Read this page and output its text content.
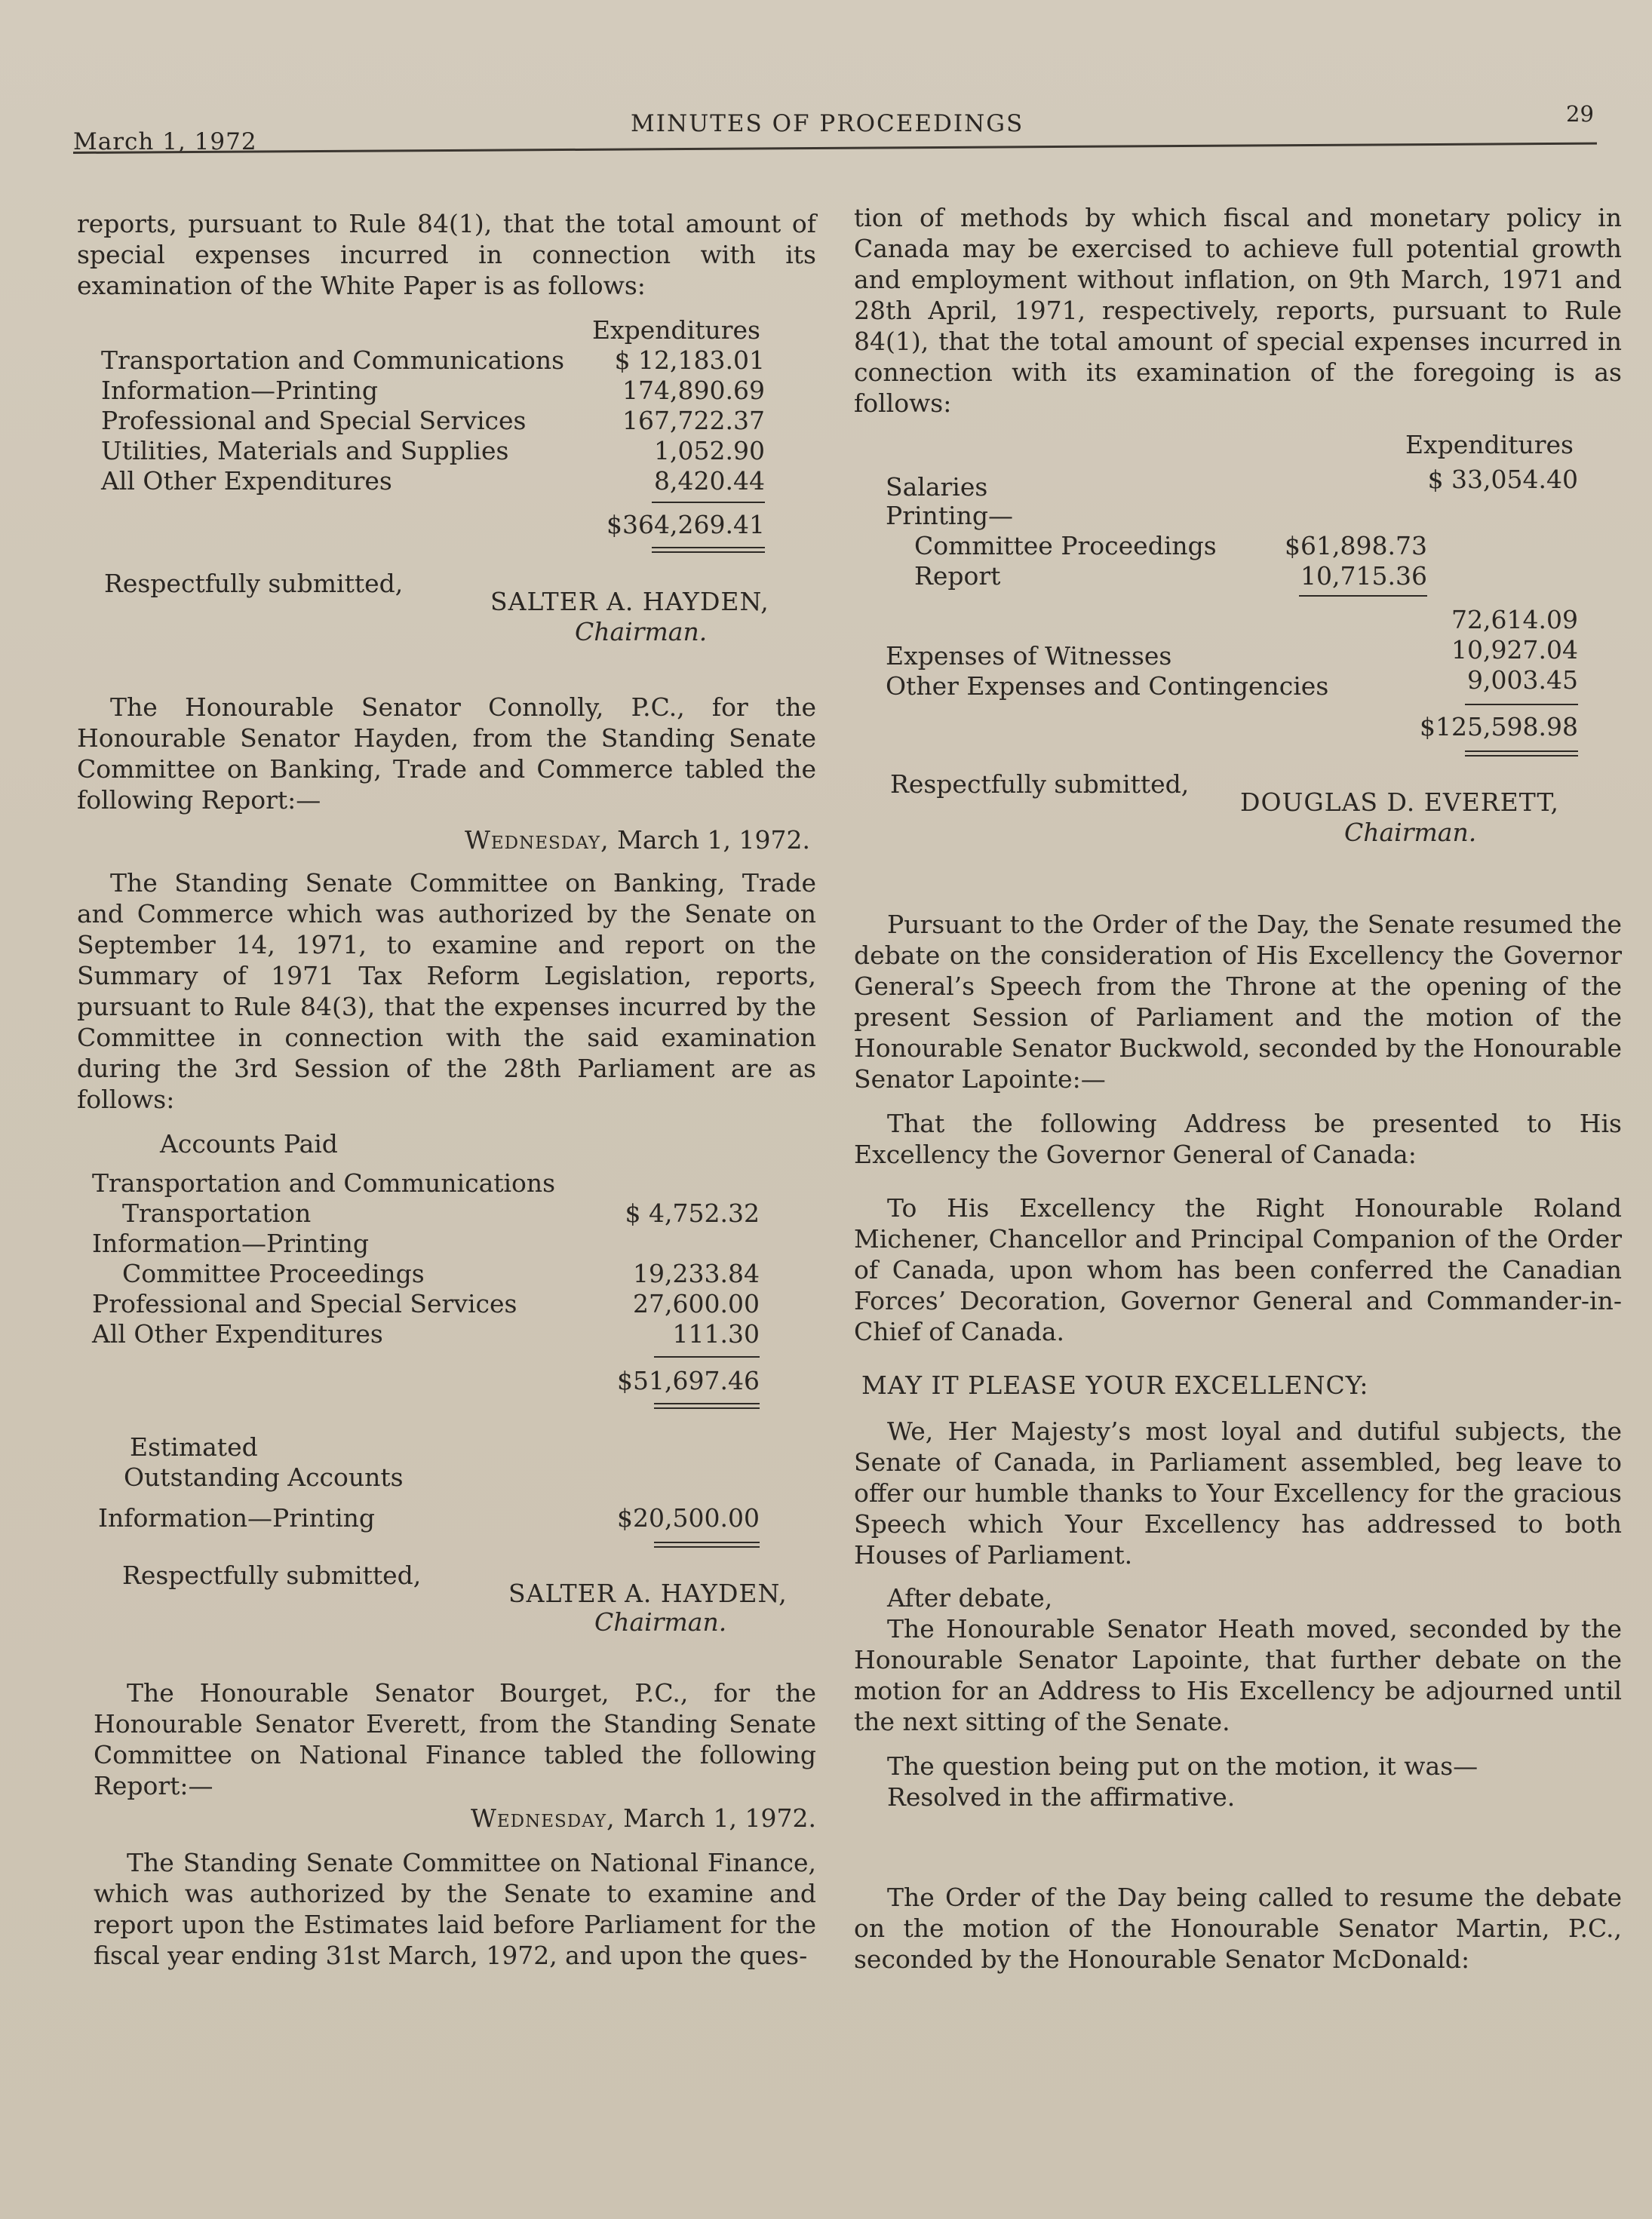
March 1, 1972
MINUTES OF PROCEEDINGS	29

reports, pursuant to Rule 84(1), that the total amount of special expenses incurred in connection with its examination of the White Paper is as follows:

Expenditures
Transportation and Communications $ 12,183.01
Information—Printing	174,890.69
Professional and Special Services	167,722.37
Utilities, Materials and Supplies	1,052.90
All Other Expenditures	8,420.44
$364,269.41
Respectfully submitted,
SALTER A. HAYDEN,
Chairman.

The Honourable Senator Connolly, P.C., for the Honourable Senator Hayden, from the Standing Senate Committee on Banking, Trade and Commerce tabled the following Report:—

Wednesday, March 1, 1972.

The Standing Senate Committee on Banking, Trade and Commerce which was authorized by the Senate on September 14, 1971, to examine and report on the Summary of 1971 Tax Reform Legislation, reports, pursuant to Rule 84(3), that the expenses incurred by the Committee in connection with the said examination during the 3rd Session of the 28th Parliament are as follows:

Accounts Paid
Transportation and Communications
Transportation	$ 4,752.32
Information—Printing
Committee Proceedings	19,233.84
Professional and Special Services	27,600.00
All Other Expenditures	111.30
$51,697.46
Estimated
Outstanding Accounts
Information—Printing	$20,500.00
Respectfully submitted,
SALTER A. HAYDEN,
Chairman.

The Honourable Senator Bourget, P.C., for the Honourable Senator Everett, from the Standing Senate Committee on National Finance tabled the following Report:—

Wednesday, March 1, 1972.

The Standing Senate Committee on National Finance, which was authorized by the Senate to examine and report upon the Estimates laid before Parliament for the fiscal year ending 31st March, 1972, and upon the ques-

tion of methods by which fiscal and monetary policy in Canada may be exercised to achieve full potential growth and employment without inflation, on 9th March, 1971 and 28th April, 1971, respectively, reports, pursuant to Rule 84(1), that the total amount of special expenses incurred in connection with its examination of the foregoing is as follows:

Expenditures
Salaries	$ 33,054.40
Printing—
Committee Proceedings	$61,898.73
Report	10,715.36
72,614.09
Expenses of Witnesses	10,927.04
Other Expenses and Contingencies	9,003.45
$125,598.98
Respectfully submitted,
DOUGLAS D. EVERETT,
Chairman.

Pursuant to the Order of the Day, the Senate resumed the debate on the consideration of His Excellency the Governor General’s Speech from the Throne at the opening of the present Session of Parliament and the motion of the Honourable Senator Buckwold, seconded by the Honourable Senator Lapointe:—

That the following Address be presented to His Excellency the Governor General of Canada:

To His Excellency the Right Honourable Roland Michener, Chancellor and Principal Companion of the Order of Canada, upon whom has been conferred the Canadian Forces’ Decoration, Governor General and Commander-in-Chief of Canada.

MAY IT PLEASE YOUR EXCELLENCY:

We, Her Majesty’s most loyal and dutiful subjects, the Senate of Canada, in Parliament assembled, beg leave to offer our humble thanks to Your Excellency for the gracious Speech which Your Excellency has addressed to both Houses of Parliament.

After debate,

The Honourable Senator Heath moved, seconded by the Honourable Senator Lapointe, that further debate on the motion for an Address to His Excellency be adjourned until the next sitting of the Senate.

The question being put on the motion, it was—

Resolved in the affirmative.

The Order of the Day being called to resume the debate on the motion of the Honourable Senator Martin, P.C., seconded by the Honourable Senator McDonald:
